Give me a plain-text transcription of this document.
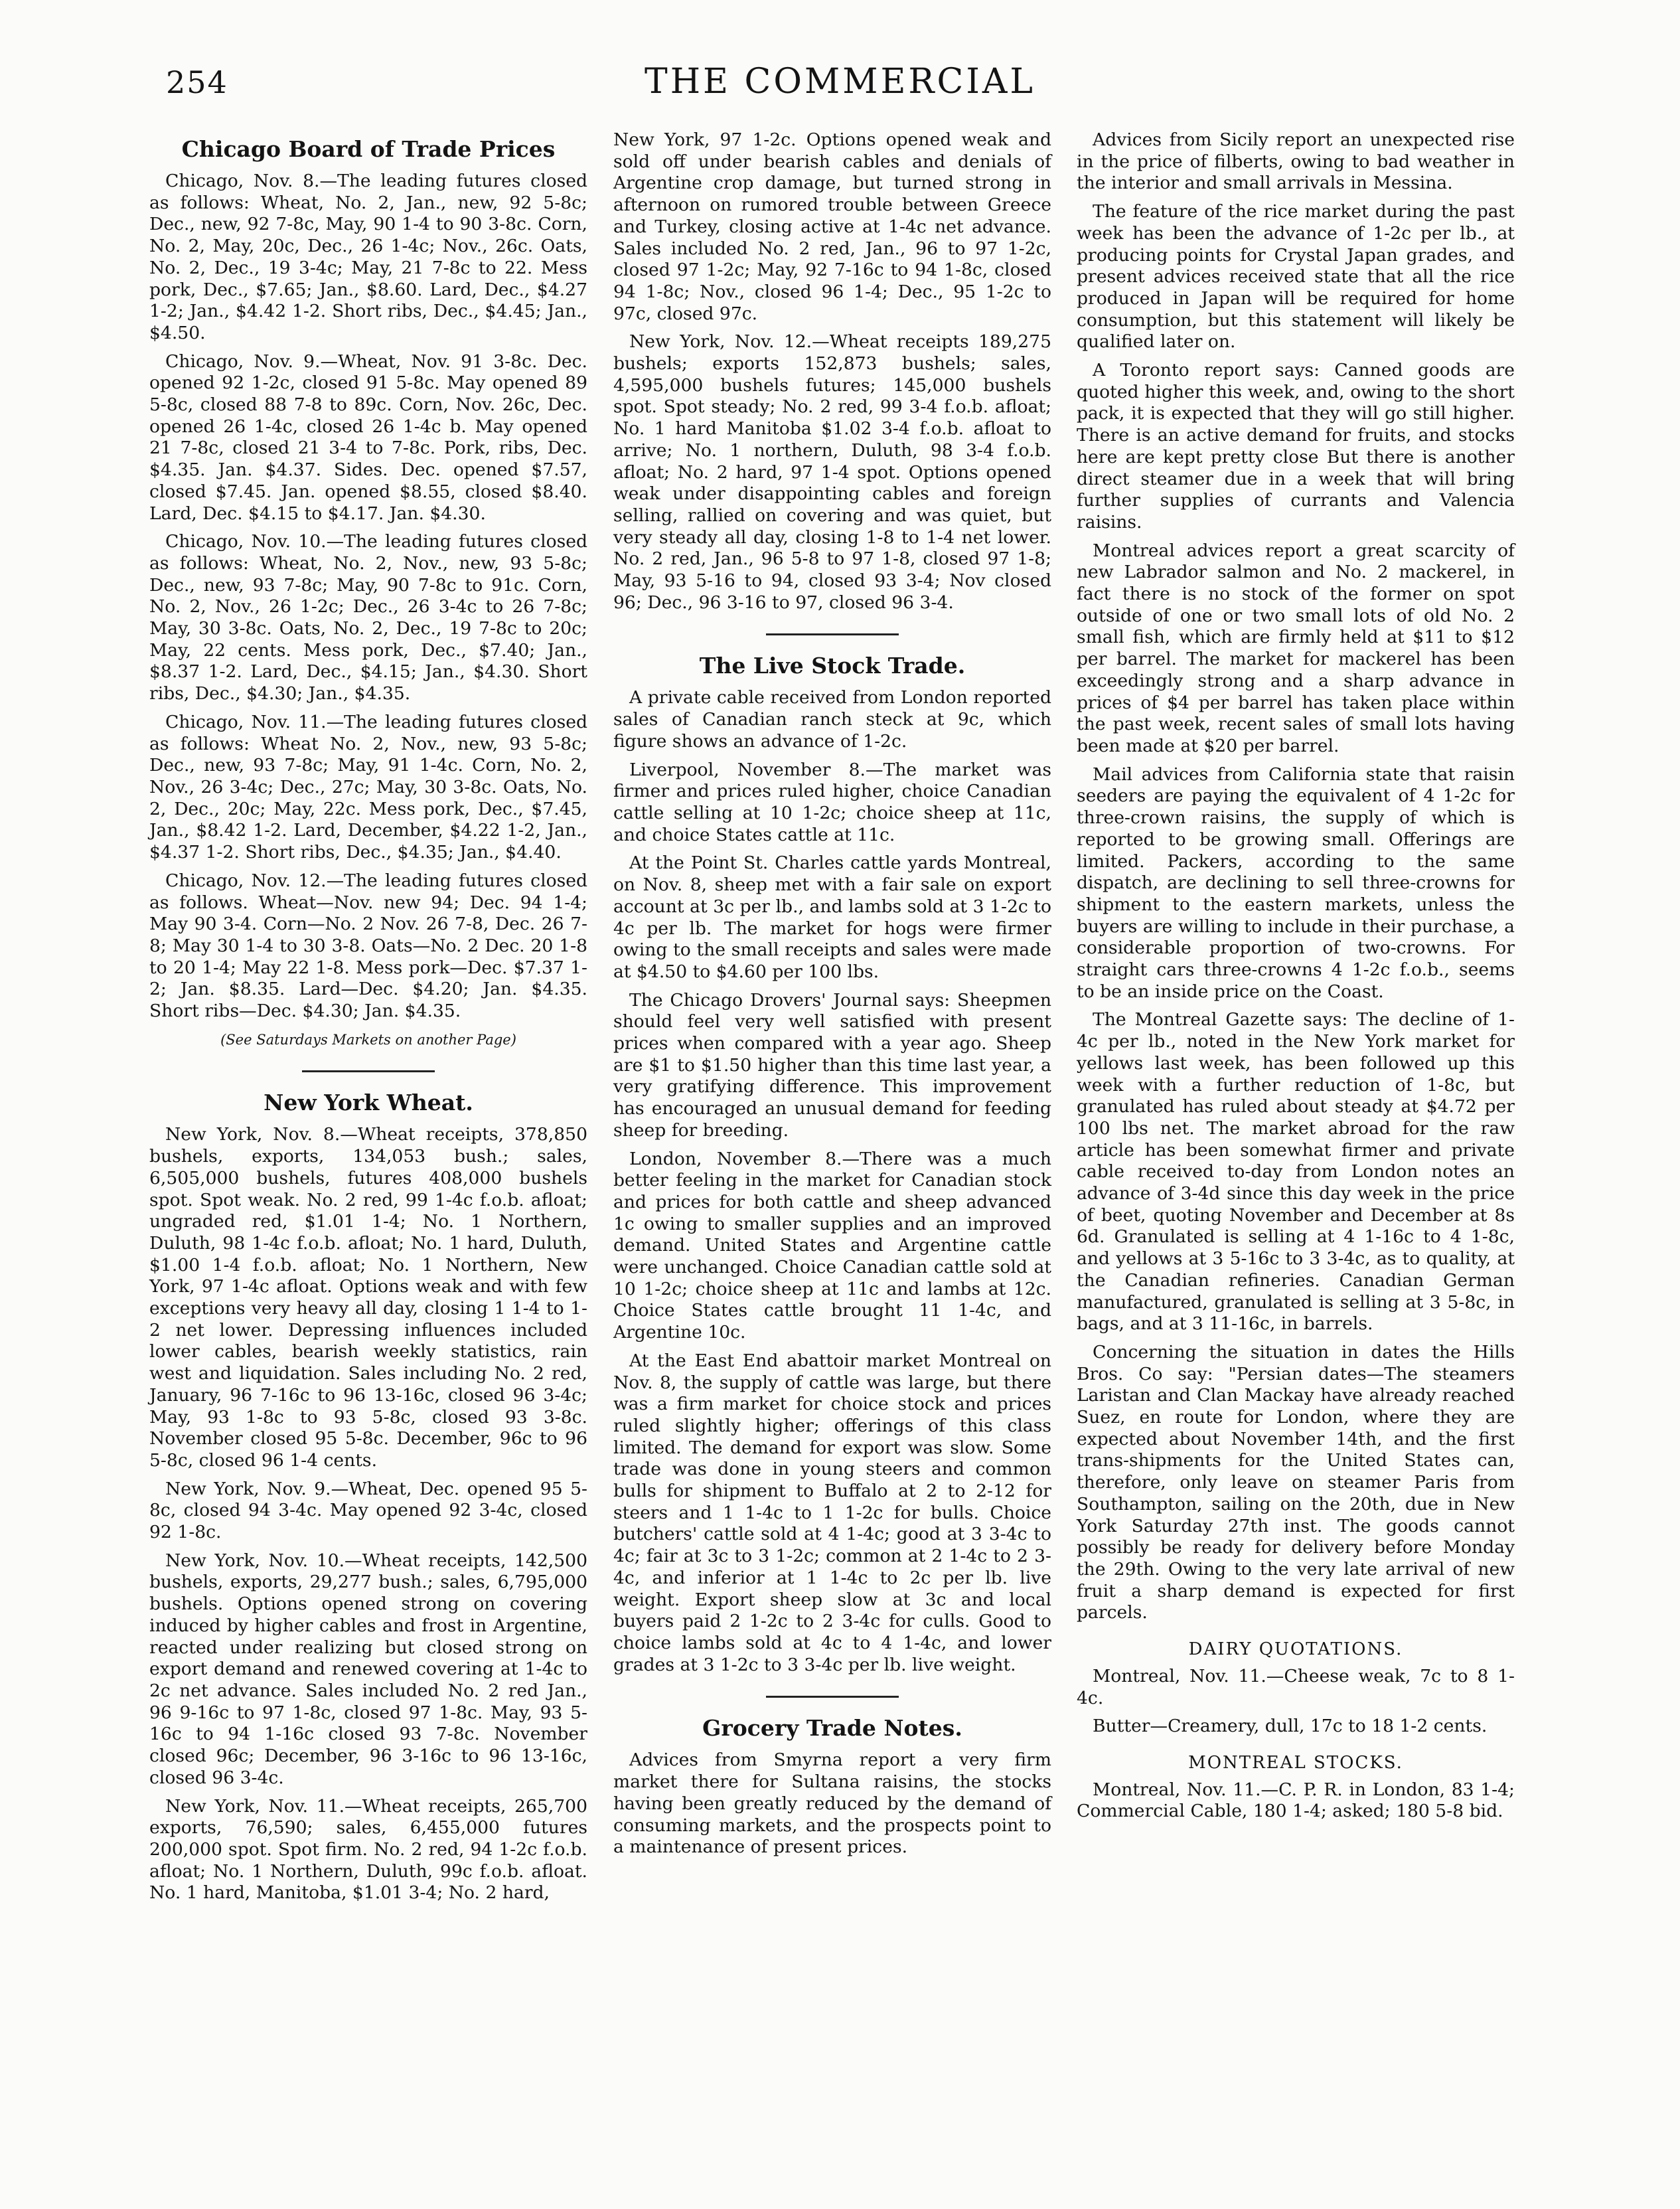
254	THE COMMERCIAL
Chicago Board of Trade Prices

Chicago, Nov. 8.—The leading futures closed as follows: Wheat, No. 2, Jan., new, 92 5-8c; Dec., new, 92 7-8c, May, 90 1-4 to 90 3-8c. Corn, No. 2, May, 20c, Dec., 26 1-4c; Nov., 26c. Oats, No. 2, Dec., 19 3-4c; May, 21 7-8c to 22. Mess pork, Dec., $7.65; Jan., $8.60. Lard, Dec., $4.27 1-2; Jan., $4.42 1-2. Short ribs, Dec., $4.45; Jan., $4.50.

Chicago, Nov. 9.—Wheat, Nov. 91 3-8c. Dec. opened 92 1-2c, closed 91 5-8c. May opened 89 5-8c, closed 88 7-8 to 89c. Corn, Nov. 26c, Dec. opened 26 1-4c, closed 26 1-4c b. May opened 21 7-8c, closed 21 3-4 to 7-8c. Pork, ribs, Dec. $4.35. Jan. $4.37. Sides. Dec. opened $7.57, closed $7.45. Jan. opened $8.55, closed $8.40. Lard, Dec. $4.15 to $4.17. Jan. $4.30.

Chicago, Nov. 10.—The leading futures closed as follows: Wheat, No. 2, Nov., new, 93 5-8c; Dec., new, 93 7-8c; May, 90 7-8c to 91c. Corn, No. 2, Nov., 26 1-2c; Dec., 26 3-4c to 26 7-8c; May, 30 3-8c. Oats, No. 2, Dec., 19 7-8c to 20c; May, 22 cents. Mess pork, Dec., $7.40; Jan., $8.37 1-2. Lard, Dec., $4.15; Jan., $4.30. Short ribs, Dec., $4.30; Jan., $4.35.

Chicago, Nov. 11.—The leading futures closed as follows: Wheat No. 2, Nov., new, 93 5-8c; Dec., new, 93 7-8c; May, 91 1-4c. Corn, No. 2, Nov., 26 3-4c; Dec., 27c; May, 30 3-8c. Oats, No. 2, Dec., 20c; May, 22c. Mess pork, Dec., $7.45, Jan., $8.42 1-2. Lard, December, $4.22 1-2, Jan., $4.37 1-2. Short ribs, Dec., $4.35; Jan., $4.40.

Chicago, Nov. 12.—The leading futures closed as follows. Wheat—Nov. new 94; Dec. 94 1-4; May 90 3-4. Corn—No. 2 Nov. 26 7-8, Dec. 26 7-8; May 30 1-4 to 30 3-8. Oats—No. 2 Dec. 20 1-8 to 20 1-4; May 22 1-8. Mess pork—Dec. $7.37 1-2; Jan. $8.35. Lard—Dec. $4.20; Jan. $4.35. Short ribs—Dec. $4.30; Jan. $4.35.

(See Saturdays Markets on another Page)
New York Wheat.

New York, Nov. 8.—Wheat receipts, 378,850 bushels, exports, 134,053 bush.; sales, 6,505,000 bushels, futures 408,000 bushels spot. Spot weak. No. 2 red, 99 1-4c f.o.b. afloat; ungraded red, $1.01 1-4; No. 1 Northern, Duluth, 98 1-4c f.o.b. afloat; No. 1 hard, Duluth, $1.00 1-4 f.o.b. afloat; No. 1 Northern, New York, 97 1-4c afloat. Options weak and with few exceptions very heavy all day, closing 1 1-4 to 1-2 net lower. Depressing influences included lower cables, bearish weekly statistics, rain west and liquidation. Sales including No. 2 red, January, 96 7-16c to 96 13-16c, closed 96 3-4c; May, 93 1-8c to 93 5-8c, closed 93 3-8c. November closed 95 5-8c. December, 96c to 96 5-8c, closed 96 1-4 cents.

New York, Nov. 9.—Wheat, Dec. opened 95 5-8c, closed 94 3-4c. May opened 92 3-4c, closed 92 1-8c.

New York, Nov. 10.—Wheat receipts, 142,500 bushels, exports, 29,277 bush.; sales, 6,795,000 bushels. Options opened strong on covering induced by higher cables and frost in Argentine, reacted under realizing but closed strong on export demand and renewed covering at 1-4c to 2c net advance. Sales included No. 2 red Jan., 96 9-16c to 97 1-8c, closed 97 1-8c. May, 93 5-16c to 94 1-16c closed 93 7-8c. November closed 96c; December, 96 3-16c to 96 13-16c, closed 96 3-4c.

New York, Nov. 11.—Wheat receipts, 265,700 exports, 76,590; sales, 6,455,000 futures 200,000 spot. Spot firm. No. 2 red, 94 1-2c f.o.b. afloat; No. 1 Northern, Duluth, 99c f.o.b. afloat. No. 1 hard, Manitoba, $1.01 3-4; No. 2 hard,

New York, 97 1-2c. Options opened weak and sold off under bearish cables and denials of Argentine crop damage, but turned strong in afternoon on rumored trouble between Greece and Turkey, closing active at 1-4c net advance. Sales included No. 2 red, Jan., 96 to 97 1-2c, closed 97 1-2c; May, 92 7-16c to 94 1-8c, closed 94 1-8c; Nov., closed 96 1-4; Dec., 95 1-2c to 97c, closed 97c.

New York, Nov. 12.—Wheat receipts 189,275 bushels; exports 152,873 bushels; sales, 4,595,000 bushels futures; 145,000 bushels spot. Spot steady; No. 2 red, 99 3-4 f.o.b. afloat; No. 1 hard Manitoba $1.02 3-4 f.o.b. afloat to arrive; No. 1 northern, Duluth, 98 3-4 f.o.b. afloat; No. 2 hard, 97 1-4 spot. Options opened weak under disappointing cables and foreign selling, rallied on covering and was quiet, but very steady all day, closing 1-8 to 1-4 net lower. No. 2 red, Jan., 96 5-8 to 97 1-8, closed 97 1-8; May, 93 5-16 to 94, closed 93 3-4; Nov closed 96; Dec., 96 3-16 to 97, closed 96 3-4.

The Live Stock Trade.

A private cable received from London reported sales of Canadian ranch steck at 9c, which figure shows an advance of 1-2c.

Liverpool, November 8.—The market was firmer and prices ruled higher, choice Canadian cattle selling at 10 1-2c; choice sheep at 11c, and choice States cattle at 11c.

At the Point St. Charles cattle yards Montreal, on Nov. 8, sheep met with a fair sale on export account at 3c per lb., and lambs sold at 3 1-2c to 4c per lb. The market for hogs were firmer owing to the small receipts and sales were made at $4.50 to $4.60 per 100 lbs.

The Chicago Drovers' Journal says: Sheepmen should feel very well satisfied with present prices when compared with a year ago. Sheep are $1 to $1.50 higher than this time last year, a very gratifying difference. This improvement has encouraged an unusual demand for feeding sheep for breeding.

London, November 8.—There was a much better feeling in the market for Canadian stock and prices for both cattle and sheep advanced 1c owing to smaller supplies and an improved demand. United States and Argentine cattle were unchanged. Choice Canadian cattle sold at 10 1-2c; choice sheep at 11c and lambs at 12c. Choice States cattle brought 11 1-4c, and Argentine 10c.

At the East End abattoir market Montreal on Nov. 8, the supply of cattle was large, but there was a firm market for choice stock and prices ruled slightly higher; offerings of this class limited. The demand for export was slow. Some trade was done in young steers and common bulls for shipment to Buffalo at 2 to 2-12 for steers and 1 1-4c to 1 1-2c for bulls. Choice butchers' cattle sold at 4 1-4c; good at 3 3-4c to 4c; fair at 3c to 3 1-2c; common at 2 1-4c to 2 3-4c, and inferior at 1 1-4c to 2c per lb. live weight. Export sheep slow at 3c and local buyers paid 2 1-2c to 2 3-4c for culls. Good to choice lambs sold at 4c to 4 1-4c, and lower grades at 3 1-2c to 3 3-4c per lb. live weight.

Grocery Trade Notes.

Advices from Smyrna report a very firm market there for Sultana raisins, the stocks having been greatly reduced by the demand of consuming markets, and the prospects point to a maintenance of present prices.

Advices from Sicily report an unexpected rise in the price of filberts, owing to bad weather in the interior and small arrivals in Messina.

The feature of the rice market during the past week has been the advance of 1-2c per lb., at producing points for Crystal Japan grades, and present advices received state that all the rice produced in Japan will be required for home consumption, but this statement will likely be qualified later on.

A Toronto report says: Canned goods are quoted higher this week, and, owing to the short pack, it is expected that they will go still higher. There is an active demand for fruits, and stocks here are kept pretty close But there is another direct steamer due in a week that will bring further supplies of currants and Valencia raisins.

Montreal advices report a great scarcity of new Labrador salmon and No. 2 mackerel, in fact there is no stock of the former on spot outside of one or two small lots of old No. 2 small fish, which are firmly held at $11 to $12 per barrel. The market for mackerel has been exceedingly strong and a sharp advance in prices of $4 per barrel has taken place within the past week, recent sales of small lots having been made at $20 per barrel.

Mail advices from California state that raisin seeders are paying the equivalent of 4 1-2c for three-crown raisins, the supply of which is reported to be growing small. Offerings are limited. Packers, according to the same dispatch, are declining to sell three-crowns for shipment to the eastern markets, unless the buyers are willing to include in their purchase, a considerable proportion of two-crowns. For straight cars three-crowns 4 1-2c f.o.b., seems to be an inside price on the Coast.

The Montreal Gazette says: The decline of 1-4c per lb., noted in the New York market for yellows last week, has been followed up this week with a further reduction of 1-8c, but granulated has ruled about steady at $4.72 per 100 lbs net. The market abroad for the raw article has been somewhat firmer and private cable received to-day from London notes an advance of 3-4d since this day week in the price of beet, quoting November and December at 8s 6d. Granulated is selling at 4 1-16c to 4 1-8c, and yellows at 3 5-16c to 3 3-4c, as to quality, at the Canadian refineries. Canadian German manufactured, granulated is selling at 3 5-8c, in bags, and at 3 11-16c, in barrels.

Concerning the situation in dates the Hills Bros. Co say: "Persian dates—The steamers Laristan and Clan Mackay have already reached Suez, en route for London, where they are expected about November 14th, and the first trans-shipments for the United States can, therefore, only leave on steamer Paris from Southampton, sailing on the 20th, due in New York Saturday 27th inst. The goods cannot possibly be ready for delivery before Monday the 29th. Owing to the very late arrival of new fruit a sharp demand is expected for first parcels.

DAIRY QUOTATIONS.

Montreal, Nov. 11.—Cheese weak, 7c to 8 1-4c.

Butter—Creamery, dull, 17c to 18 1-2 cents.

MONTREAL STOCKS.

Montreal, Nov. 11.—C. P. R. in London, 83 1-4; Commercial Cable, 180 1-4; asked; 180 5-8 bid.
